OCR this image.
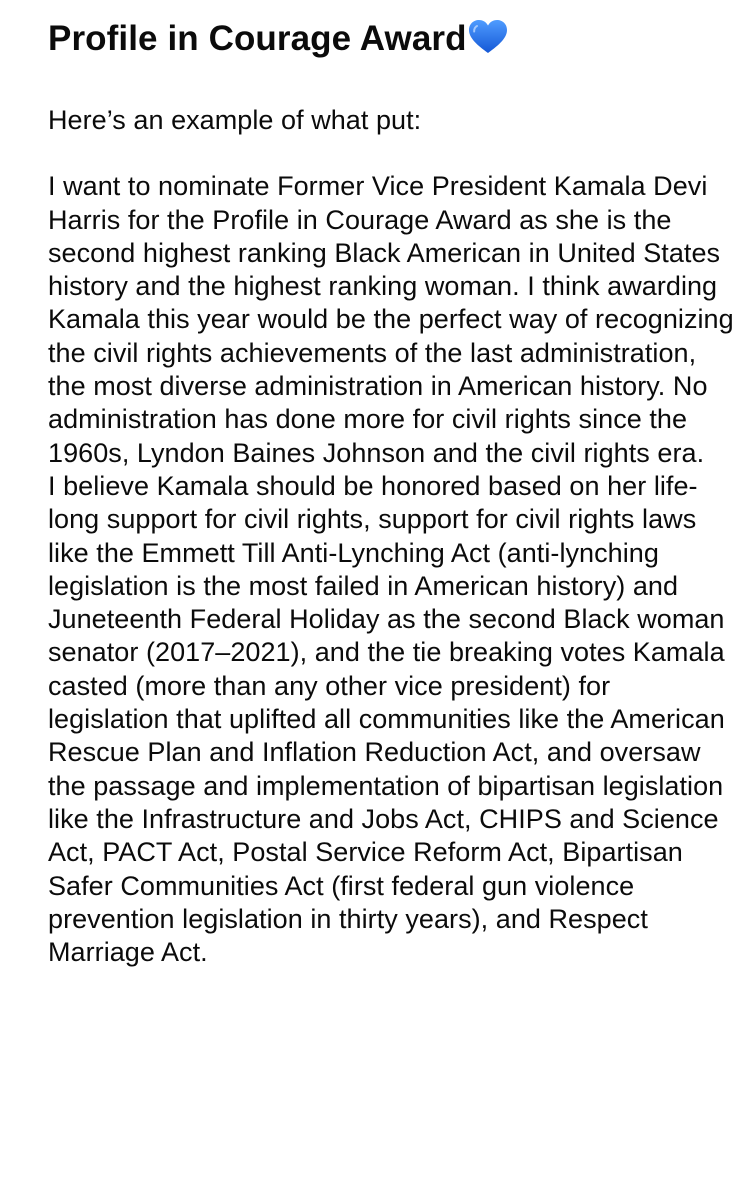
Profile in Courage Award

Here’s an example of what put:

I want to nominate Former Vice President Kamala Devi Harris for the Profile in Courage Award as she is the second highest ranking Black American in United States history and the highest ranking woman. I think awarding Kamala this year would be the perfect way of recognizing the civil rights achievements of the last administration, the most diverse administration in American history. No administration has done more for civil rights since the 1960s, Lyndon Baines Johnson and the civil rights era.

I believe Kamala should be honored based on her life-long support for civil rights, support for civil rights laws like the Emmett Till Anti-Lynching Act (anti-lynching legislation is the most failed in American history) and Juneteenth Federal Holiday as the second Black woman senator (2017–2021), and the tie breaking votes Kamala casted (more than any other vice president) for legislation that uplifted all communities like the American Rescue Plan and Inflation Reduction Act, and oversaw the passage and implementation of bipartisan legislation like the Infrastructure and Jobs Act, CHIPS and Science Act, PACT Act, Postal Service Reform Act, Bipartisan Safer Communities Act (first federal gun violence prevention legislation in thirty years), and Respect Marriage Act.
